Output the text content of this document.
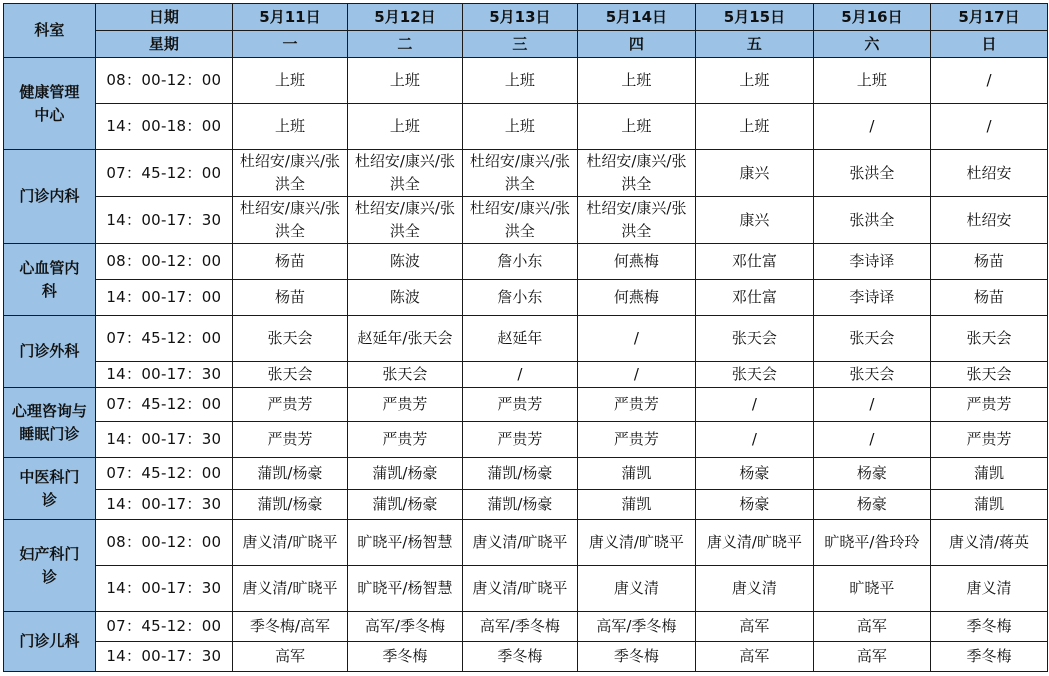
科室	日期	5月11日	5月12日	5月13日	5月14日	5月15日	5月16日	5月17日
	星期	一	二	三	四	五	六	日
健康管理中心	08：00-12：00	上班	上班	上班	上班	上班	上班	/
	14：00-18：00	上班	上班	上班	上班	上班	/	/
门诊内科	07：45-12：00	杜绍安/康兴/张洪全	杜绍安/康兴/张洪全	杜绍安/康兴/张洪全	杜绍安/康兴/张洪全	康兴	张洪全	杜绍安
	14：00-17：30	杜绍安/康兴/张洪全	杜绍安/康兴/张洪全	杜绍安/康兴/张洪全	杜绍安/康兴/张洪全	康兴	张洪全	杜绍安
心血管内科	08：00-12：00	杨苗	陈波	詹小东	何燕梅	邓仕富	李诗译	杨苗
	14：00-17：00	杨苗	陈波	詹小东	何燕梅	邓仕富	李诗译	杨苗
门诊外科	07：45-12：00	张天会	赵延年/张天会	赵延年	/	张天会	张天会	张天会
	14：00-17：30	张天会	张天会	/	/	张天会	张天会	张天会
心理咨询与睡眠门诊	07：45-12：00	严贵芳	严贵芳	严贵芳	严贵芳	/	/	严贵芳
	14：00-17：30	严贵芳	严贵芳	严贵芳	严贵芳	/	/	严贵芳
中医科门诊	07：45-12：00	蒲凯/杨豪	蒲凯/杨豪	蒲凯/杨豪	蒲凯	杨豪	杨豪	蒲凯
	14：00-17：30	蒲凯/杨豪	蒲凯/杨豪	蒲凯/杨豪	蒲凯	杨豪	杨豪	蒲凯
妇产科门诊	08：00-12：00	唐义清/旷晓平	旷晓平/杨智慧	唐义清/旷晓平	唐义清/旷晓平	唐义清/旷晓平	旷晓平/昝玲玲	唐义清/蒋英
	14：00-17：30	唐义清/旷晓平	旷晓平/杨智慧	唐义清/旷晓平	唐义清	唐义清	旷晓平	唐义清
门诊儿科	07：45-12：00	季冬梅/高军	高军/季冬梅	高军/季冬梅	高军/季冬梅	高军	高军	季冬梅
	14：00-17：30	高军	季冬梅	季冬梅	季冬梅	高军	高军	季冬梅
